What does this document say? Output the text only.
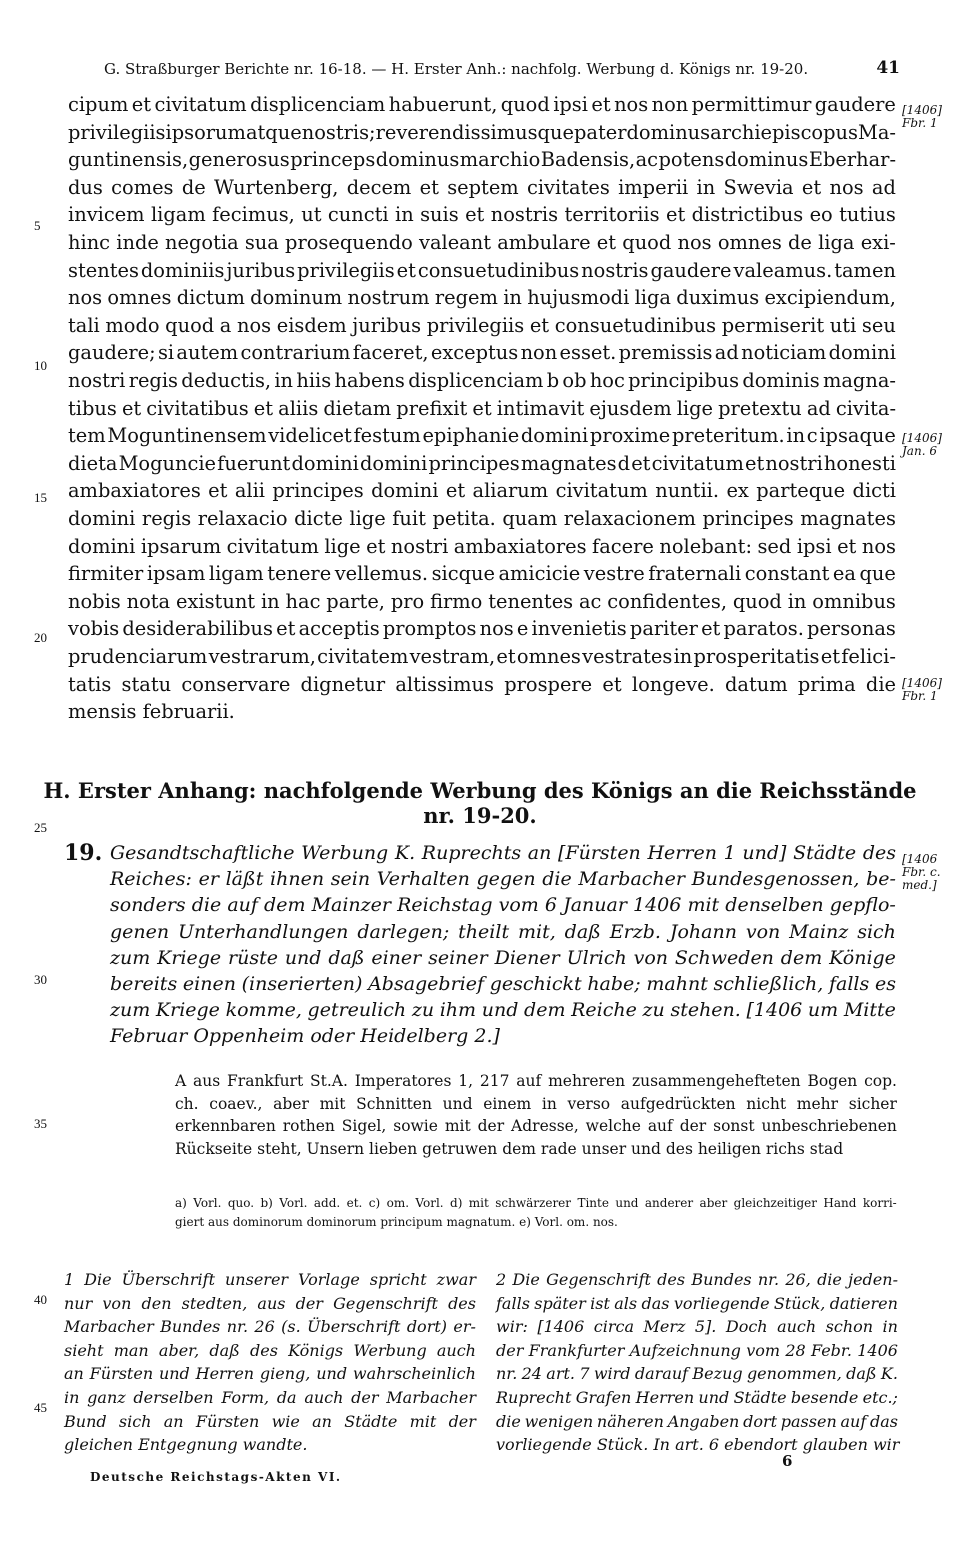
G. Straßburger Berichte nr. 16-18. — H. Erster Anh.: nachfolg. Werbung d. Königs nr. 19-20.	41
cipum et civitatum displicenciam habuerunt, quod ipsi et nos non permittimur gaudere
privilegiis ipsorum atque nostris; reverendissimusque pater dominus archiepiscopus Ma-
guntinensis, generosus princeps dominus marchio Badensis, ac potens dominus Eberhar-
dus comes de Wurtenberg, decem et septem civitates imperii in Swevia et nos ad
invicem ligam fecimus, ut cuncti in suis et nostris territoriis et districtibus eo tutius
hinc inde negotia sua prosequendo valeant ambulare et quod nos omnes de liga exi-
stentes dominiis juribus privilegiis et consuetudinibus nostris gaudere valeamus. tamen
nos omnes dictum dominum nostrum regem in hujusmodi liga duximus excipiendum,
tali modo quod a nos eisdem juribus privilegiis et consuetudinibus permiserit uti seu
gaudere; si autem contrarium faceret, exceptus non esset. premissis ad noticiam domini
nostri regis deductis, in hiis habens displicenciam b ob hoc principibus dominis magna-
tibus et civitatibus et aliis dietam prefixit et intimavit ejusdem lige pretextu ad civita-
tem Moguntinensem videlicet festum epiphanie domini proxime preteritum. in c ipsaque
dieta Moguncie fuerunt domini domini principes magnates d et civitatum et nostri honesti
ambaxiatores et alii principes domini et aliarum civitatum nuntii. ex parteque dicti
domini regis relaxacio dicte lige fuit petita. quam relaxacionem principes magnates
domini ipsarum civitatum lige et nostri ambaxiatores facere nolebant: sed ipsi et nos
firmiter ipsam ligam tenere vellemus. sicque amicicie vestre fraternali constant ea que
nobis nota existunt in hac parte, pro firmo tenentes ac confidentes, quod in omnibus
vobis desiderabilibus et acceptis promptos nos e invenietis pariter et paratos. personas
prudenciarum vestrarum, civitatem vestram, et omnes vestrates in prosperitatis et felici-
tatis statu conservare dignetur altissimus prospere et longeve. datum prima die
mensis februarii.
5
10
15
20
[1406]
Fbr. 1
[1406]
Jan. 6
[1406]
Fbr. 1
H. Erster Anhang: nachfolgende Werbung des Königs an die Reichsstände
nr. 19-20.
25
Gesandtschaftliche Werbung K. Ruprechts an [Fürsten Herren 1 und] Städte des
Reiches: er läßt ihnen sein Verhalten gegen die Marbacher Bundesgenossen, be-
sonders die auf dem Mainzer Reichstag vom 6 Januar 1406 mit denselben gepflo-
genen Unterhandlungen darlegen; theilt mit, daß Erzb. Johann von Mainz sich
zum Kriege rüste und daß einer seiner Diener Ulrich von Schweden dem Könige
bereits einen (inserierten) Absagebrief geschickt habe; mahnt schließlich, falls es
zum Kriege komme, getreulich zu ihm und dem Reiche zu stehen. [1406 um Mitte
Februar Oppenheim oder Heidelberg 2.]
19.	[1406
Fbr. c.
med.]
30
A aus Frankfurt St.A. Imperatores 1, 217 auf mehreren zusammengehefteten Bogen cop.
ch. coaev., aber mit Schnitten und einem in verso aufgedrückten nicht mehr sicher
erkennbaren rothen Sigel, sowie mit der Adresse, welche auf der sonst unbeschriebenen
Rückseite steht, Unsern lieben getruwen dem rade unser und des heiligen richs stad
35
a) Vorl. quo. b) Vorl. add. et. c) om. Vorl. d) mit schwärzerer Tinte und anderer aber gleichzeitiger Hand korri-
giert aus dominorum dominorum principum magnatum. e) Vorl. om. nos.
1 Die Überschrift unserer Vorlage spricht zwar
nur von den stedten, aus der Gegenschrift des
Marbacher Bundes nr. 26 (s. Überschrift dort) er-
sieht man aber, daß des Königs Werbung auch
an Fürsten und Herren gieng, und wahrscheinlich
in ganz derselben Form, da auch der Marbacher
Bund sich an Fürsten wie an Städte mit der
gleichen Entgegnung wandte.
2 Die Gegenschrift des Bundes nr. 26, die jeden-
falls später ist als das vorliegende Stück, datieren
wir: [1406 circa Merz 5]. Doch auch schon in
der Frankfurter Aufzeichnung vom 28 Febr. 1406
nr. 24 art. 7 wird darauf Bezug genommen, daß K.
Ruprecht Grafen Herren und Städte besende etc.;
die wenigen näheren Angaben dort passen auf das
vorliegende Stück. In art. 6 ebendort glauben wir
40
45
6
Deutsche Reichstags-Akten VI.
